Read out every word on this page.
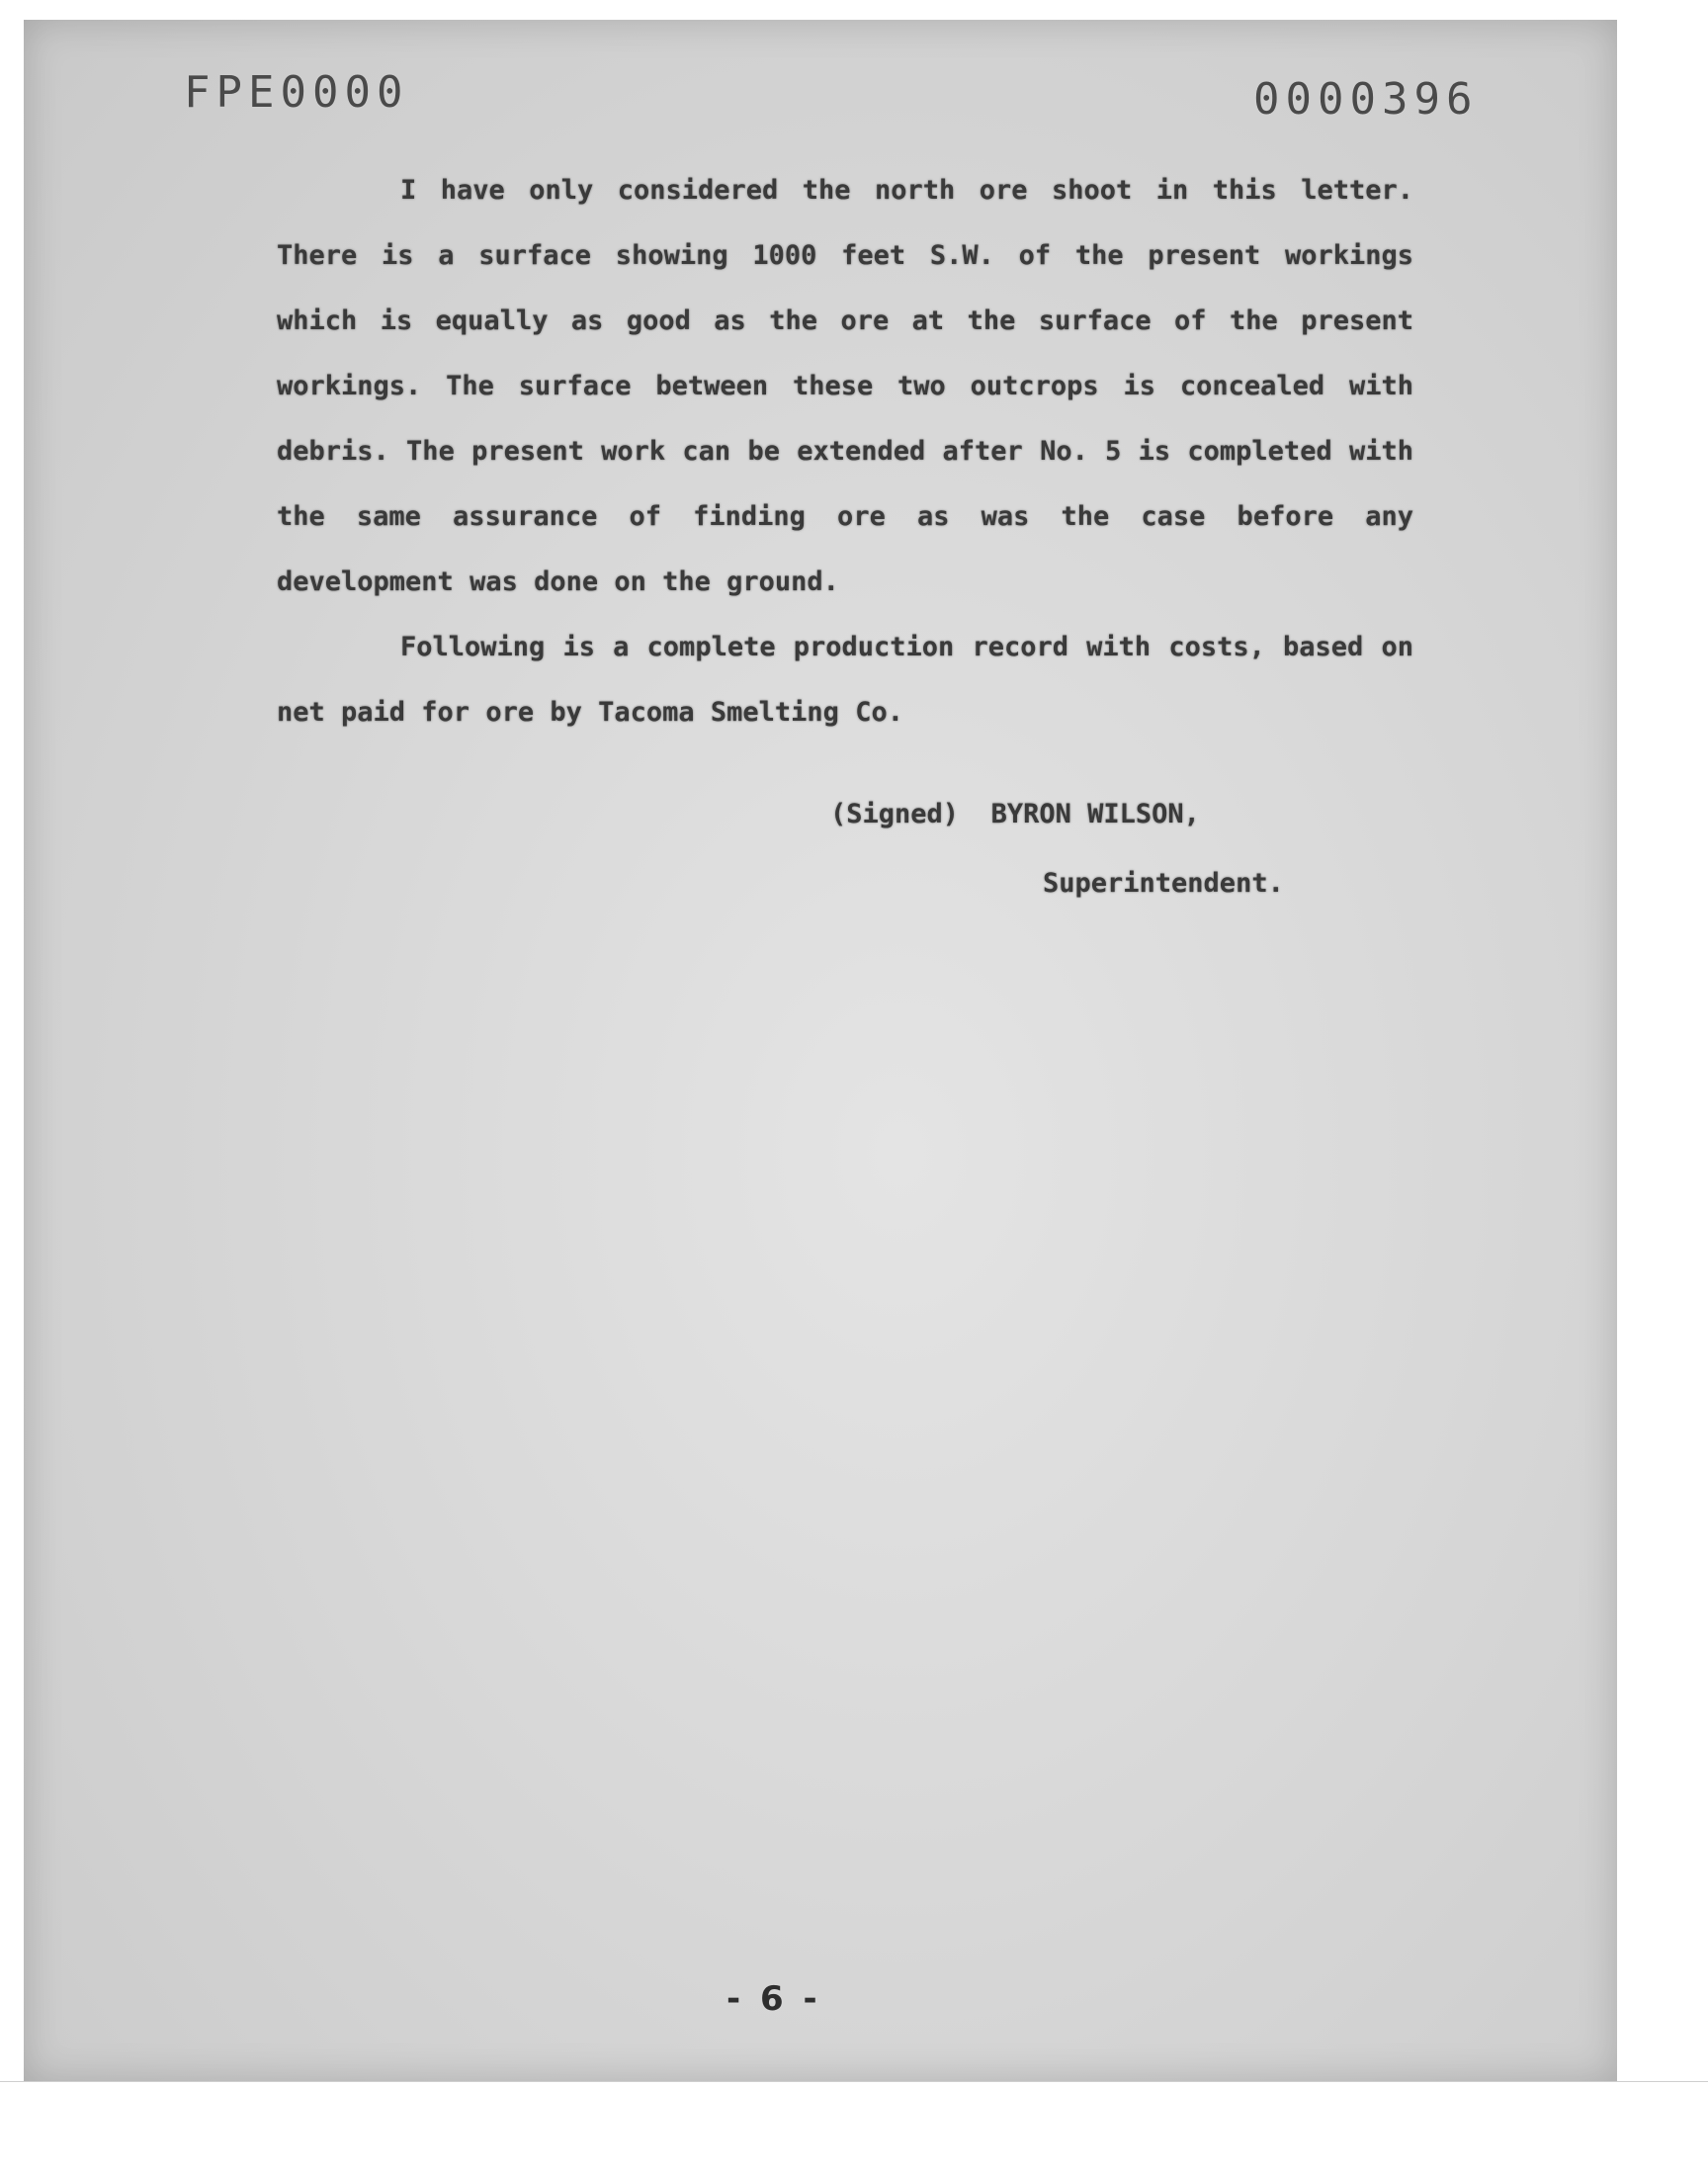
FPE0000	0000396

I have only considered the north ore shoot in this letter. There is a surface showing 1000 feet S.W. of the present workings which is equally as good as the ore at the surface of the present workings. The surface between these two outcrops is concealed with debris. The present work can be extended after No. 5 is completed with the same assurance of finding ore as was the case before any development was done on the ground.

Following is a complete production record with costs, based on net paid for ore by Tacoma Smelting Co.

(Signed) BYRON WILSON,
Superintendent.
- 6 -
